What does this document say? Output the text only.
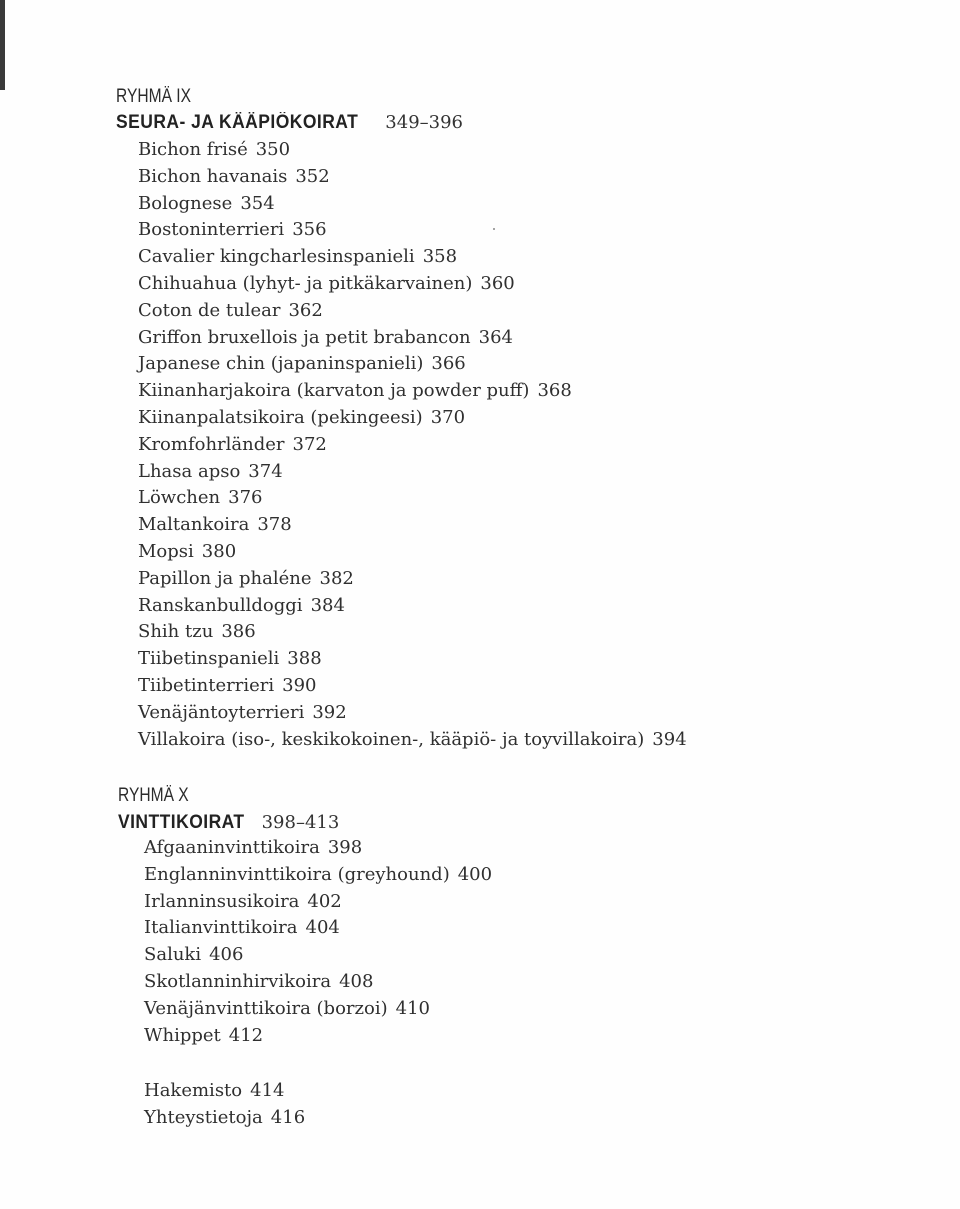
RYHMÄ IX
SEURA- JA KÄÄPIÖKOIRAT 349–396
Bichon frisé 350
Bichon havanais 352
Bolognese 354
Bostoninterrieri 356
Cavalier kingcharlesinspanieli 358
Chihuahua (lyhyt- ja pitkäkarvainen) 360
Coton de tulear 362
Griffon bruxellois ja petit brabancon 364
Japanese chin (japaninspanieli) 366
Kiinanharjakoira (karvaton ja powder puff) 368
Kiinanpalatsikoira (pekingeesi) 370
Kromfohrländer 372
Lhasa apso 374
Löwchen 376
Maltankoira 378
Mopsi 380
Papillon ja phaléne 382
Ranskanbulldoggi 384
Shih tzu 386
Tiibetinspanieli 388
Tiibetinterrieri 390
Venäjäntoyterrieri 392
Villakoira (iso-, keskikokoinen-, kääpiö- ja toyvillakoira) 394
RYHMÄ X
VINTTIKOIRAT 398–413
Afgaaninvinttikoira 398
Englanninvinttikoira (greyhound) 400
Irlanninsusikoira 402
Italianvinttikoira 404
Saluki 406
Skotlanninhirvikoira 408
Venäjänvinttikoira (borzoi) 410
Whippet 412
Hakemisto 414
Yhteystietoja 416
